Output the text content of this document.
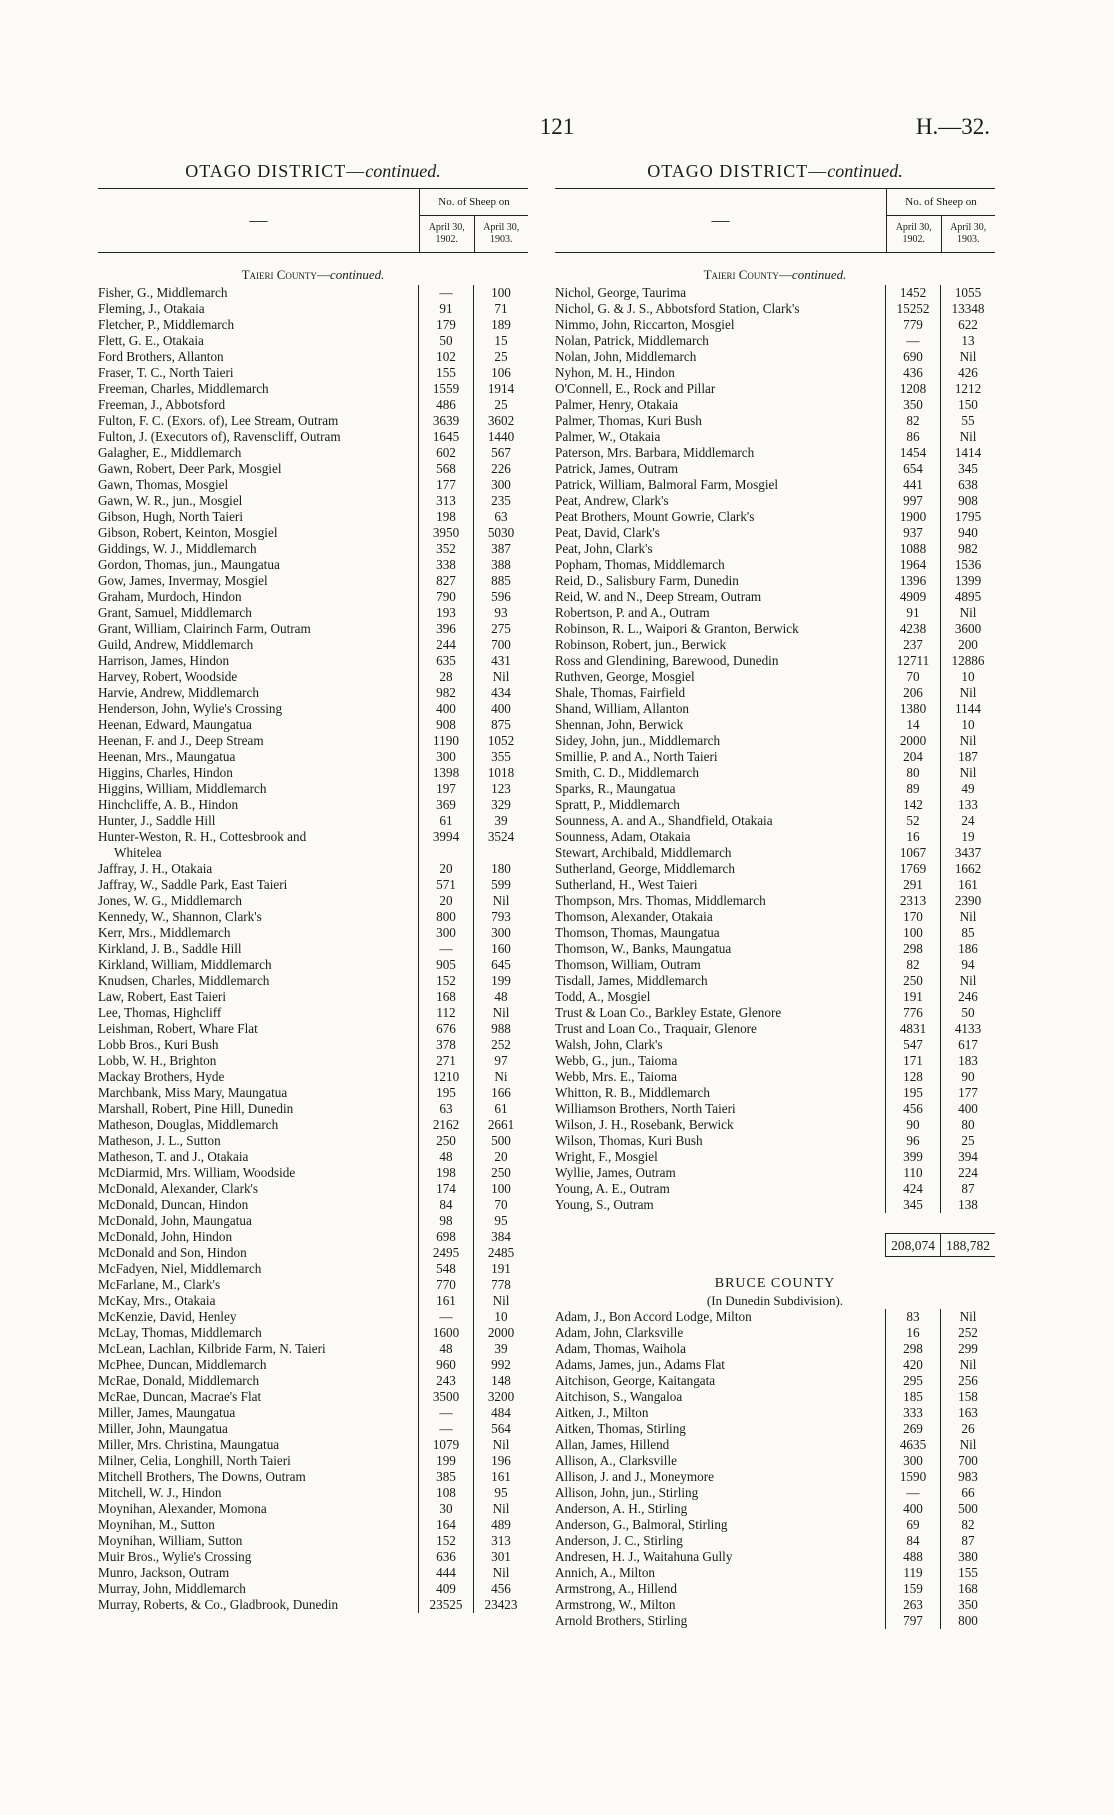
121	H.—32.
OTAGO DISTRICT—continued.
—	
No. of Sheep on
April 30, 1902.
April 30, 1903.
Taieri County—continued.
Fisher, G., Middlemarch	—	100
Fleming, J., Otakaia	91	71
Fletcher, P., Middlemarch	179	189
Flett, G. E., Otakaia	50	15
Ford Brothers, Allanton	102	25
Fraser, T. C., North Taieri	155	106
Freeman, Charles, Middlemarch	1559	1914
Freeman, J., Abbotsford	486	25
Fulton, F. C. (Exors. of), Lee Stream, Outram	3639	3602
Fulton, J. (Executors of), Ravenscliff, Outram	1645	1440
Galagher, E., Middlemarch	602	567
Gawn, Robert, Deer Park, Mosgiel	568	226
Gawn, Thomas, Mosgiel	177	300
Gawn, W. R., jun., Mosgiel	313	235
Gibson, Hugh, North Taieri	198	63
Gibson, Robert, Keinton, Mosgiel	3950	5030
Giddings, W. J., Middlemarch	352	387
Gordon, Thomas, jun., Maungatua	338	388
Gow, James, Invermay, Mosgiel	827	885
Graham, Murdoch, Hindon	790	596
Grant, Samuel, Middlemarch	193	93
Grant, William, Clairinch Farm, Outram	396	275
Guild, Andrew, Middlemarch	244	700
Harrison, James, Hindon	635	431
Harvey, Robert, Woodside	28	Nil
Harvie, Andrew, Middlemarch	982	434
Henderson, John, Wylie's Crossing	400	400
Heenan, Edward, Maungatua	908	875
Heenan, F. and J., Deep Stream	1190	1052
Heenan, Mrs., Maungatua	300	355
Higgins, Charles, Hindon	1398	1018
Higgins, William, Middlemarch	197	123
Hinchcliffe, A. B., Hindon	369	329
Hunter, J., Saddle Hill	61	39
Hunter-Weston, R. H., Cottesbrook and	3994	3524
Whitelea
Jaffray, J. H., Otakaia	20	180
Jaffray, W., Saddle Park, East Taieri	571	599
Jones, W. G., Middlemarch	20	Nil
Kennedy, W., Shannon, Clark's	800	793
Kerr, Mrs., Middlemarch	300	300
Kirkland, J. B., Saddle Hill	—	160
Kirkland, William, Middlemarch	905	645
Knudsen, Charles, Middlemarch	152	199
Law, Robert, East Taieri	168	48
Lee, Thomas, Highcliff	112	Nil
Leishman, Robert, Whare Flat	676	988
Lobb Bros., Kuri Bush	378	252
Lobb, W. H., Brighton	271	97
Mackay Brothers, Hyde	1210	Ni
Marchbank, Miss Mary, Maungatua	195	166
Marshall, Robert, Pine Hill, Dunedin	63	61
Matheson, Douglas, Middlemarch	2162	2661
Matheson, J. L., Sutton	250	500
Matheson, T. and J., Otakaia	48	20
McDiarmid, Mrs. William, Woodside	198	250
McDonald, Alexander, Clark's	174	100
McDonald, Duncan, Hindon	84	70
McDonald, John, Maungatua	98	95
McDonald, John, Hindon	698	384
McDonald and Son, Hindon	2495	2485
McFadyen, Niel, Middlemarch	548	191
McFarlane, M., Clark's	770	778
McKay, Mrs., Otakaia	161	Nil
McKenzie, David, Henley	—	10
McLay, Thomas, Middlemarch	1600	2000
McLean, Lachlan, Kilbride Farm, N. Taieri	48	39
McPhee, Duncan, Middlemarch	960	992
McRae, Donald, Middlemarch	243	148
McRae, Duncan, Macrae's Flat	3500	3200
Miller, James, Maungatua	—	484
Miller, John, Maungatua	—	564
Miller, Mrs. Christina, Maungatua	1079	Nil
Milner, Celia, Longhill, North Taieri	199	196
Mitchell Brothers, The Downs, Outram	385	161
Mitchell, W. J., Hindon	108	95
Moynihan, Alexander, Momona	30	Nil
Moynihan, M., Sutton	164	489
Moynihan, William, Sutton	152	313
Muir Bros., Wylie's Crossing	636	301
Munro, Jackson, Outram	444	Nil
Murray, John, Middlemarch	409	456
Murray, Roberts, & Co., Gladbrook, Dunedin	23525	23423
OTAGO DISTRICT—continued.
—	
No. of Sheep on
April 30, 1902.
April 30, 1903.
Taieri County—continued.
Nichol, George, Taurima	1452	1055
Nichol, G. & J. S., Abbotsford Station, Clark's	15252	13348
Nimmo, John, Riccarton, Mosgiel	779	622
Nolan, Patrick, Middlemarch	—	13
Nolan, John, Middlemarch	690	Nil
Nyhon, M. H., Hindon	436	426
O'Connell, E., Rock and Pillar	1208	1212
Palmer, Henry, Otakaia	350	150
Palmer, Thomas, Kuri Bush	82	55
Palmer, W., Otakaia	86	Nil
Paterson, Mrs. Barbara, Middlemarch	1454	1414
Patrick, James, Outram	654	345
Patrick, William, Balmoral Farm, Mosgiel	441	638
Peat, Andrew, Clark's	997	908
Peat Brothers, Mount Gowrie, Clark's	1900	1795
Peat, David, Clark's	937	940
Peat, John, Clark's	1088	982
Popham, Thomas, Middlemarch	1964	1536
Reid, D., Salisbury Farm, Dunedin	1396	1399
Reid, W. and N., Deep Stream, Outram	4909	4895
Robertson, P. and A., Outram	91	Nil
Robinson, R. L., Waipori & Granton, Berwick	4238	3600
Robinson, Robert, jun., Berwick	237	200
Ross and Glendining, Barewood, Dunedin	12711	12886
Ruthven, George, Mosgiel	70	10
Shale, Thomas, Fairfield	206	Nil
Shand, William, Allanton	1380	1144
Shennan, John, Berwick	14	10
Sidey, John, jun., Middlemarch	2000	Nil
Smillie, P. and A., North Taieri	204	187
Smith, C. D., Middlemarch	80	Nil
Sparks, R., Maungatua	89	49
Spratt, P., Middlemarch	142	133
Sounness, A. and A., Shandfield, Otakaia	52	24
Sounness, Adam, Otakaia	16	19
Stewart, Archibald, Middlemarch	1067	3437
Sutherland, George, Middlemarch	1769	1662
Sutherland, H., West Taieri	291	161
Thompson, Mrs. Thomas, Middlemarch	2313	2390
Thomson, Alexander, Otakaia	170	Nil
Thomson, Thomas, Maungatua	100	85
Thomson, W., Banks, Maungatua	298	186
Thomson, William, Outram	82	94
Tisdall, James, Middlemarch	250	Nil
Todd, A., Mosgiel	191	246
Trust & Loan Co., Barkley Estate, Glenore	776	50
Trust and Loan Co., Traquair, Glenore	4831	4133
Walsh, John, Clark's	547	617
Webb, G., jun., Taioma	171	183
Webb, Mrs. E., Taioma	128	90
Whitton, R. B., Middlemarch	195	177
Williamson Brothers, North Taieri	456	400
Wilson, J. H., Rosebank, Berwick	90	80
Wilson, Thomas, Kuri Bush	96	25
Wright, F., Mosgiel	399	394
Wyllie, James, Outram	110	224
Young, A. E., Outram	424	87
Young, S., Outram	345	138
208,074 188,782
BRUCE COUNTY
(In Dunedin Subdivision).
Adam, J., Bon Accord Lodge, Milton	83	Nil
Adam, John, Clarksville	16	252
Adam, Thomas, Waihola	298	299
Adams, James, jun., Adams Flat	420	Nil
Aitchison, George, Kaitangata	295	256
Aitchison, S., Wangaloa	185	158
Aitken, J., Milton	333	163
Aitken, Thomas, Stirling	269	26
Allan, James, Hillend	4635	Nil
Allison, A., Clarksville	300	700
Allison, J. and J., Moneymore	1590	983
Allison, John, jun., Stirling	—	66
Anderson, A. H., Stirling	400	500
Anderson, G., Balmoral, Stirling	69	82
Anderson, J. C., Stirling	84	87
Andresen, H. J., Waitahuna Gully	488	380
Annich, A., Milton	119	155
Armstrong, A., Hillend	159	168
Armstrong, W., Milton	263	350
Arnold Brothers, Stirling	797	800
